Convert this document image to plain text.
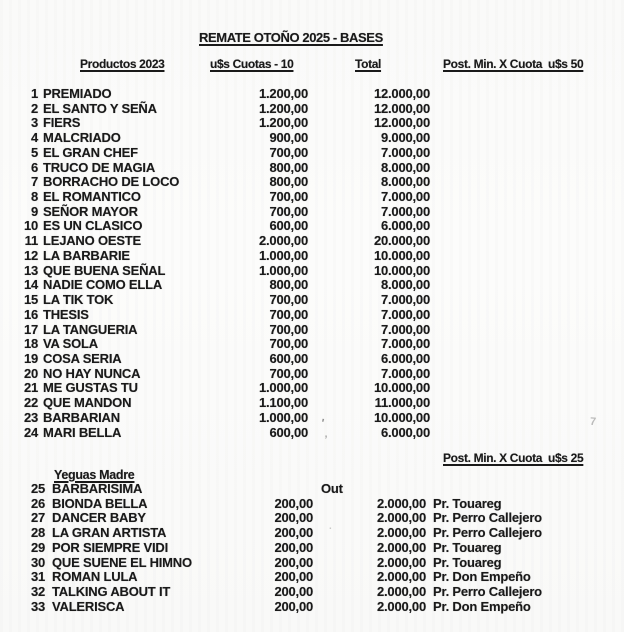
REMATE OTOÑO 2025 - BASES
Productos 2023	u$s Cuotas - 10	Total	Post. Min. X Cuota  u$s 50
1 PREMIADO	1.200,00	12.000,00
2 EL SANTO Y SEÑA	1.200,00	12.000,00
3 FIERS	1.200,00	12.000,00
4 MALCRIADO	900,00	9.000,00
5 EL GRAN CHEF	700,00	7.000,00
6 TRUCO DE MAGIA	800,00	8.000,00
7 BORRACHO DE LOCO	800,00	8.000,00
8 EL ROMANTICO	700,00	7.000,00
9 SEÑOR MAYOR	700,00	7.000,00
10 ES UN CLASICO	600,00	6.000,00
11 LEJANO OESTE	2.000,00	20.000,00
12 LA BARBARIE	1.000,00	10.000,00
13 QUE BUENA SEÑAL	1.000,00	10.000,00
14 NADIE COMO ELLA	800,00	8.000,00
15 LA TIK TOK	700,00	7.000,00
16 THESIS	700,00	7.000,00
17 LA TANGUERIA	700,00	7.000,00
18 VA SOLA	700,00	7.000,00
19 COSA SERIA	600,00	6.000,00
20 NO HAY NUNCA	700,00	7.000,00
21 ME GUSTAS TU	1.000,00	10.000,00
22 QUE MANDON	1.100,00	11.000,00
23 BARBARIAN	1.000,00	10.000,00
24 MARI BELLA	600,00	6.000,00
Post. Min. X Cuota  u$s 25
Yeguas Madre
25 BARBARISIMA	Out
26 BIONDA BELLA	200,00	2.000,00 Pr. Touareg
27 DANCER BABY	200,00	2.000,00 Pr. Perro Callejero
28 LA GRAN ARTISTA	200,00	2.000,00 Pr. Perro Callejero
29 POR SIEMPRE VIDI	200,00	2.000,00 Pr. Touareg
30 QUE SUENE EL HIMNO	200,00	2.000,00 Pr. Touareg
31 ROMAN LULA	200,00	2.000,00 Pr. Don Empeño
32 TALKING ABOUT IT	200,00	2.000,00 Pr. Perro Callejero
33 VALERISCA	200,00	2.000,00 Pr. Don Empeño
'
ʼ
7
.
